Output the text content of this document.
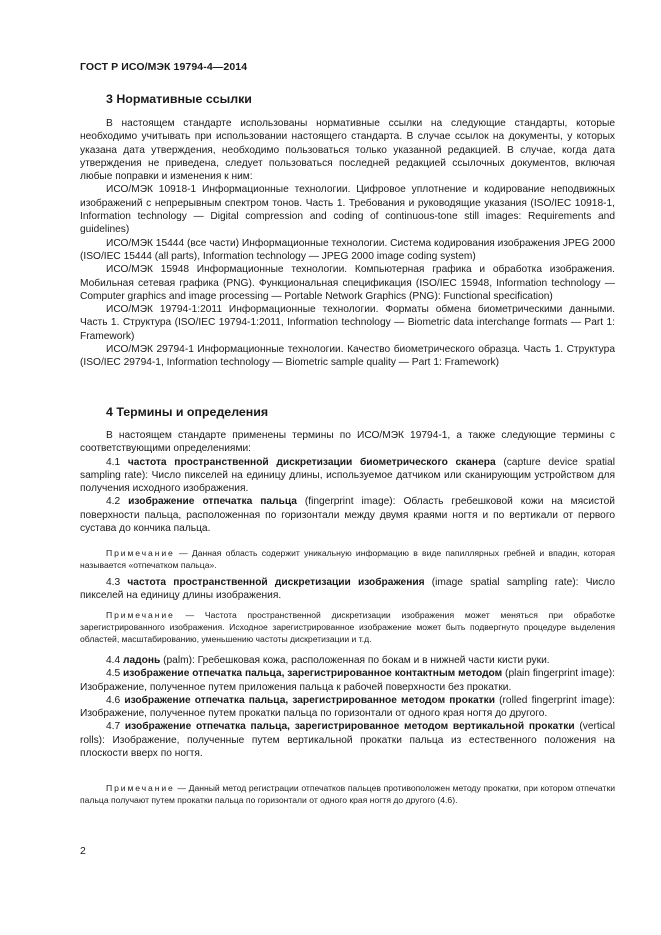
ГОСТ Р ИСО/МЭК 19794-4—2014
3 Нормативные ссылки

В настоящем стандарте использованы нормативные ссылки на следующие стандарты, которые необходимо учитывать при использовании настоящего стандарта. В случае ссылок на документы, у которых указана дата утверждения, необходимо пользоваться только указанной редакцией. В случае, когда дата утверждения не приведена, следует пользоваться последней редакцией ссылочных документов, включая любые поправки и изменения к ним:

ИСО/МЭК 10918-1 Информационные технологии. Цифровое уплотнение и кодирование неподвижных изображений с непрерывным спектром тонов. Часть 1. Требования и руководящие указания (ISO/IEC 10918-1, Information technology — Digital compression and coding of continuous-tone still images: Requirements and guidelines)

ИСО/МЭК 15444 (все части) Информационные технологии. Система кодирования изображения JPEG 2000 (ISO/IEC 15444 (all parts), Information technology — JPEG 2000 image coding system)

ИСО/МЭК 15948 Информационные технологии. Компьютерная графика и обработка изображения. Мобильная сетевая графика (PNG). Функциональная спецификация (ISO/IEC 15948, Information technology — Computer graphics and image processing — Portable Network Graphics (PNG): Functional specification)

ИСО/МЭК 19794-1:2011 Информационные технологии. Форматы обмена биометрическими данными. Часть 1. Структура (ISO/IEC 19794-1:2011, Information technology — Biometric data interchange formats — Part 1: Framework)

ИСО/МЭК 29794-1 Информационные технологии. Качество биометрического образца. Часть 1. Структура (ISO/IEC 29794-1, Information technology — Biometric sample quality — Part 1: Framework)

4 Термины и определения

В настоящем стандарте применены термины по ИСО/МЭК 19794-1, а также следующие термины с соответствующими определениями:

4.1 частота пространственной дискретизации биометрического сканера (capture device spatial sampling rate): Число пикселей на единицу длины, используемое датчиком или сканирующим устройством для получения исходного изображения.

4.2 изображение отпечатка пальца (fingerprint image): Область гребешковой кожи на мясистой поверхности пальца, расположенная по горизонтали между двумя краями ногтя и по вертикали от первого сустава до кончика пальца.

Примечание — Данная область содержит уникальную информацию в виде папиллярных гребней и впадин, которая называется «отпечатком пальца».

4.3 частота пространственной дискретизации изображения (image spatial sampling rate): Число пикселей на единицу длины изображения.

Примечание — Частота пространственной дискретизации изображения может меняться при обработке зарегистрированного изображения. Исходное зарегистрированное изображение может быть подвергнуто процедуре выделения областей, масштабированию, уменьшению частоты дискретизации и т.д.

4.4 ладонь (palm): Гребешковая кожа, расположенная по бокам и в нижней части кисти руки.

4.5 изображение отпечатка пальца, зарегистрированное контактным методом (plain fingerprint image): Изображение, полученное путем приложения пальца к рабочей поверхности без прокатки.

4.6 изображение отпечатка пальца, зарегистрированное методом прокатки (rolled fingerprint image): Изображение, полученное путем прокатки пальца по горизонтали от одного края ногтя до другого.

4.7 изображение отпечатка пальца, зарегистрированное методом вертикальной прокатки (vertical rolls): Изображение, полученные путем вертикальной прокатки пальца из естественного положения на плоскости вверх по ногтя.

Примечание — Данный метод регистрации отпечатков пальцев противоположен методу прокатки, при котором отпечатки пальца получают путем прокатки пальца по горизонтали от одного края ногтя до другого (4.6).

2
